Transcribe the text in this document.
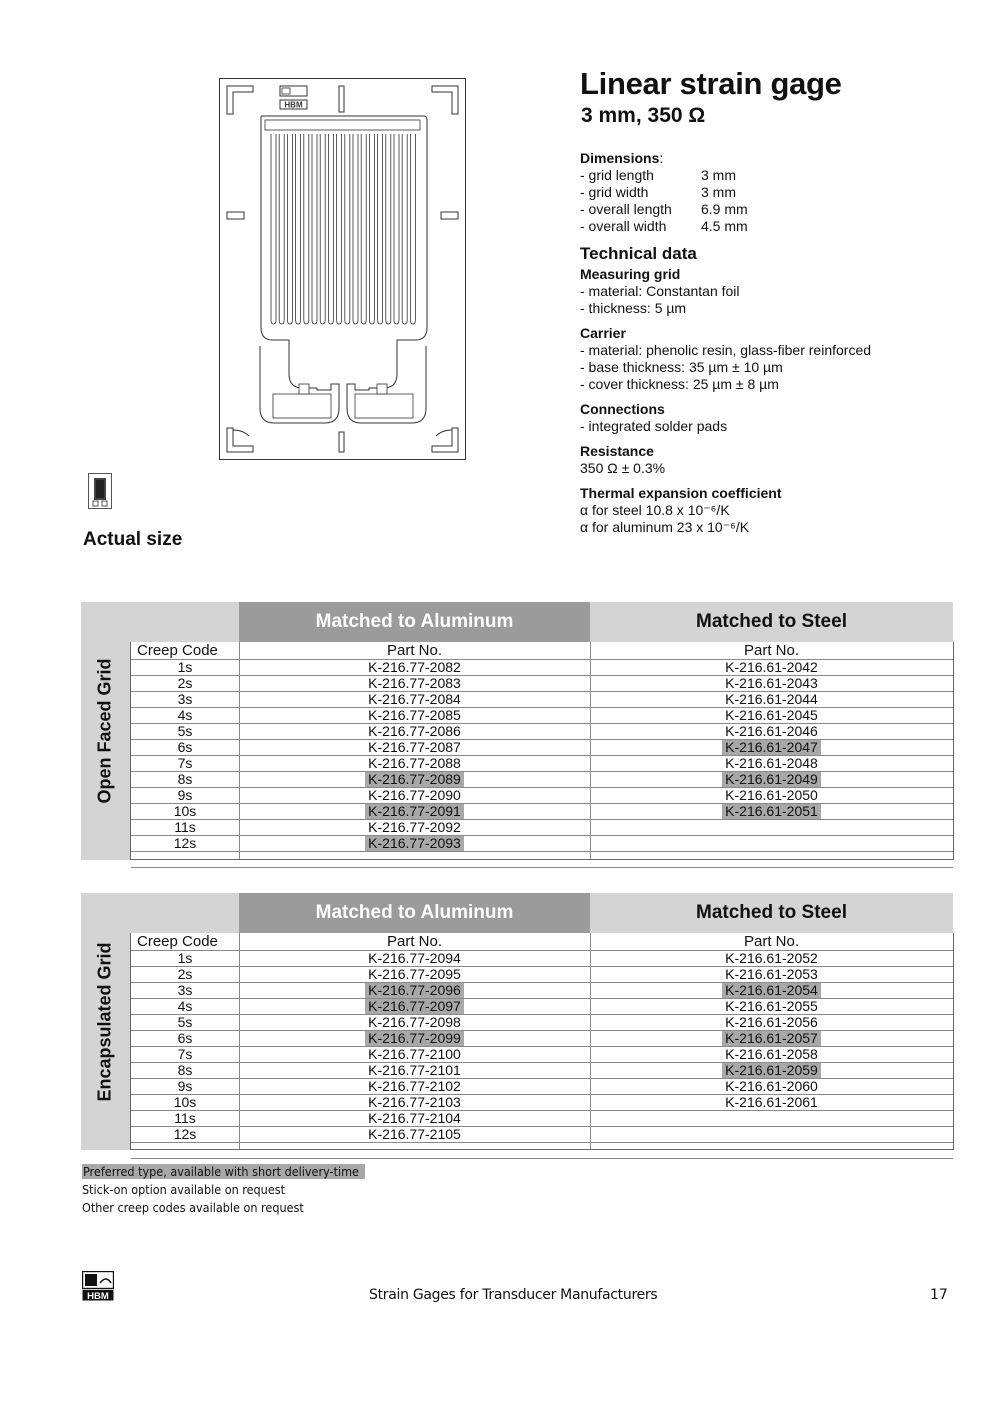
HBM
Actual size
Linear strain gage
3 mm, 350 Ω
Dimensions:
- grid length	3 mm
- grid width	3 mm
- overall length	6.9 mm
- overall width	4.5 mm
Technical data
Measuring grid
- material: Constantan foil
- thickness: 5 µm
Carrier
- material: phenolic resin, glass-fiber reinforced
- base thickness: 35 µm ± 10 µm
- cover thickness: 25 µm ± 8 µm
Connections
- integrated solder pads
Resistance
350 Ω ± 0.3%
Thermal expansion coefficient
α for steel 10.8 x 10⁻⁶/K
α for aluminum 23 x 10⁻⁶/K
Open Faced Grid
Matched to Aluminum	Matched to Steel
Creep Code	Part No.	Part No.
1s	K-216.77-2082	K-216.61-2042
2s	K-216.77-2083	K-216.61-2043
3s	K-216.77-2084	K-216.61-2044
4s	K-216.77-2085	K-216.61-2045
5s	K-216.77-2086	K-216.61-2046
6s	K-216.77-2087	K-216.61-2047
7s	K-216.77-2088	K-216.61-2048
8s	K-216.77-2089	K-216.61-2049
9s	K-216.77-2090	K-216.61-2050
10s	K-216.77-2091	K-216.61-2051
11s	K-216.77-2092
12s	K-216.77-2093
Encapsulated Grid
Matched to Aluminum	Matched to Steel
Creep Code	Part No.	Part No.
1s	K-216.77-2094	K-216.61-2052
2s	K-216.77-2095	K-216.61-2053
3s	K-216.77-2096	K-216.61-2054
4s	K-216.77-2097	K-216.61-2055
5s	K-216.77-2098	K-216.61-2056
6s	K-216.77-2099	K-216.61-2057
7s	K-216.77-2100	K-216.61-2058
8s	K-216.77-2101	K-216.61-2059
9s	K-216.77-2102	K-216.61-2060
10s	K-216.77-2103	K-216.61-2061
11s	K-216.77-2104
12s	K-216.77-2105
Preferred type, available with short delivery-time
Stick-on option available on request
Other creep codes available on request
HBM	Strain Gages for Transducer Manufacturers	17
